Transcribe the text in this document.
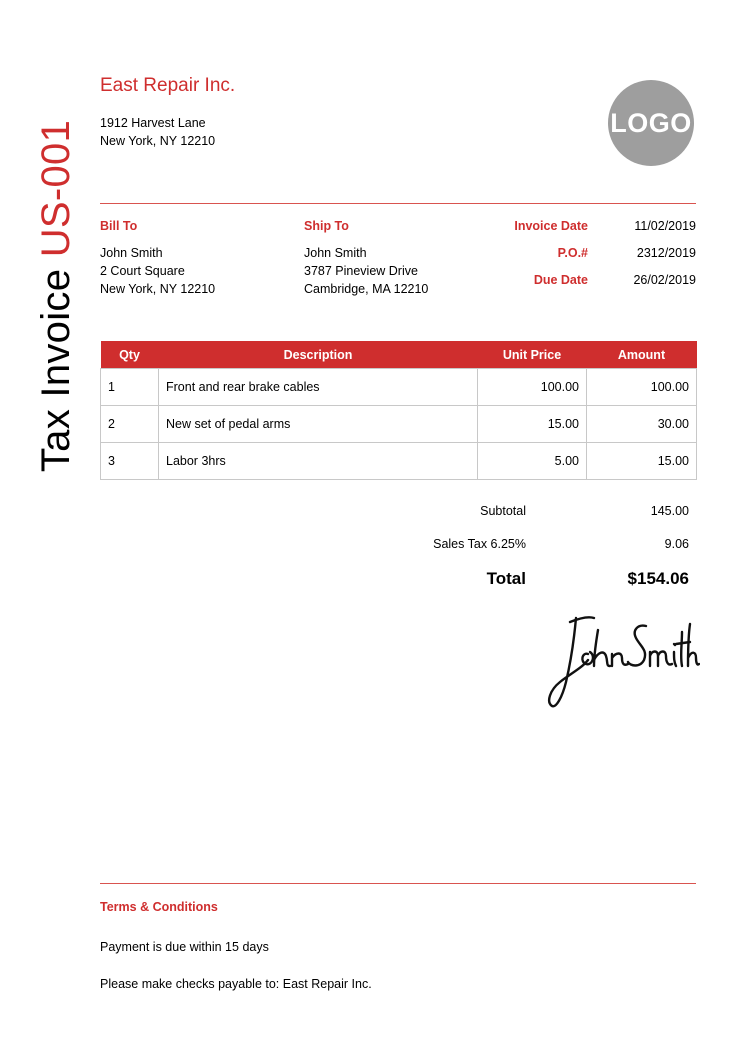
Tax Invoice US-001
East Repair Inc.
1912 Harvest Lane
New York, NY 12210
LOGO
Bill To
John Smith
2 Court Square
New York, NY 12210
Ship To
John Smith
3787 Pineview Drive
Cambridge, MA 12210
Invoice Date	11/02/2019
P.O.#	2312/2019
Due Date	26/02/2019
Qty	Description	Unit Price	Amount
1	Front and rear brake cables	100.00	100.00
2	New set of pedal arms	15.00	30.00
3	Labor 3hrs	5.00	15.00
Subtotal	145.00
Sales Tax 6.25%	9.06
Total	$154.06
Terms & Conditions
Payment is due within 15 days
Please make checks payable to: East Repair Inc.
